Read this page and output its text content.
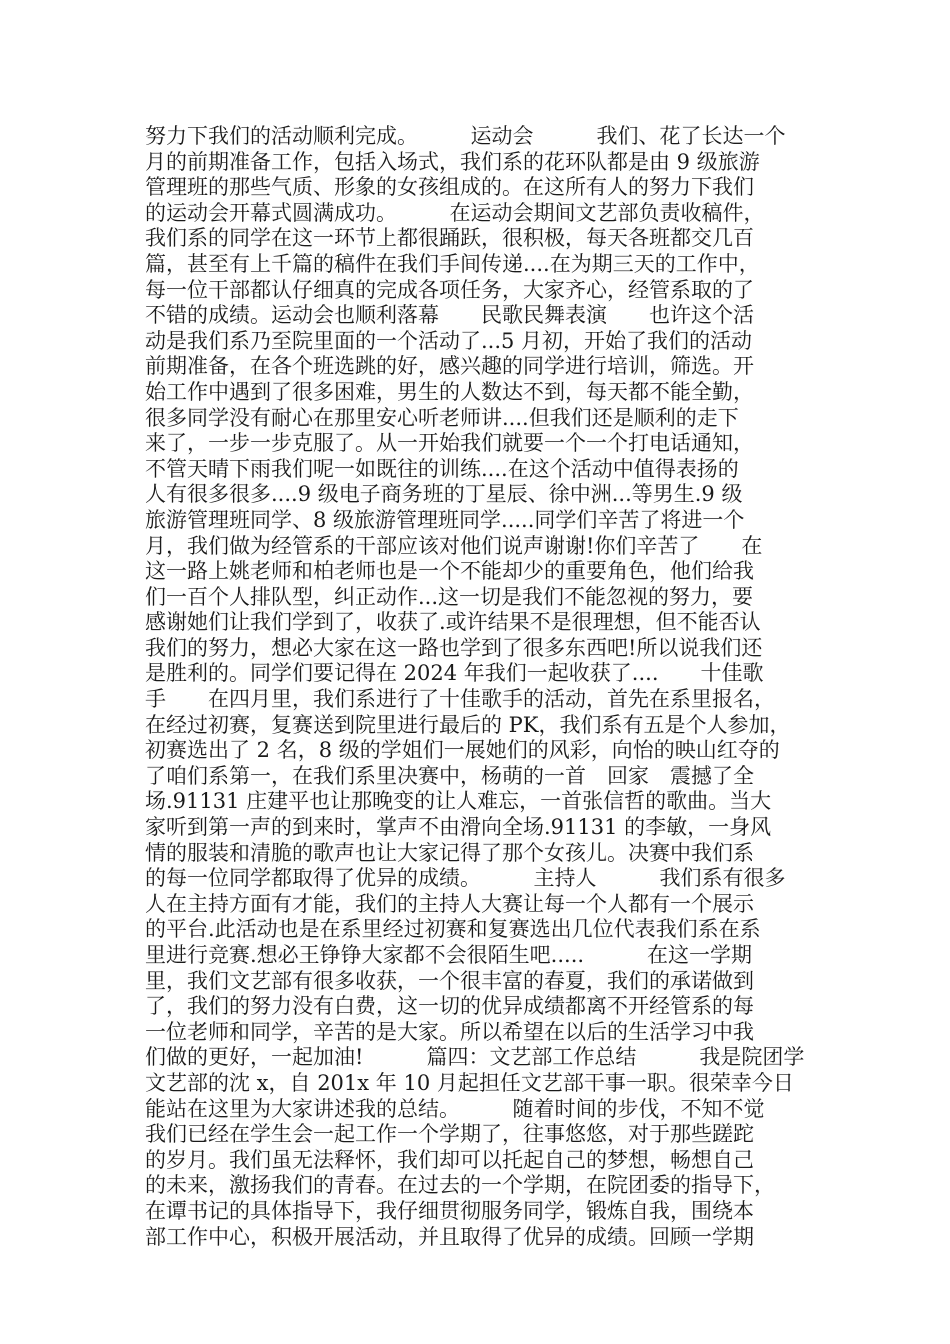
努力下我们的活动顺利完成。　　　运动会　　　我们、花了长达一个
月的前期准备工作，包括入场式，我们系的花环队都是由 9 级旅游
管理班的那些气质、形象的女孩组成的。在这所有人的努力下我们
的运动会开幕式圆满成功。　　　在运动会期间文艺部负责收稿件，
我们系的同学在这一环节上都很踊跃，很积极，每天各班都交几百
篇，甚至有上千篇的稿件在我们手间传递....在为期三天的工作中，
每一位干部都认仔细真的完成各项任务，大家齐心，经管系取的了
不错的成绩。运动会也顺利落幕　　民歌民舞表演　　也许这个活
动是我们系乃至院里面的一个活动了...5 月初，开始了我们的活动
前期准备，在各个班选跳的好，感兴趣的同学进行培训，筛选。开
始工作中遇到了很多困难，男生的人数达不到，每天都不能全勤，
很多同学没有耐心在那里安心听老师讲....但我们还是顺利的走下
来了，一步一步克服了。从一开始我们就要一个一个打电话通知，
不管天晴下雨我们呢一如既往的训练....在这个活动中值得表扬的
人有很多很多....9 级电子商务班的丁星辰、徐中洲...等男生.9 级
旅游管理班同学、8 级旅游管理班同学.....同学们辛苦了将进一个
月，我们做为经管系的干部应该对他们说声谢谢!你们辛苦了　　在
这一路上姚老师和柏老师也是一个不能却少的重要角色，他们给我
们一百个人排队型，纠正动作...这一切是我们不能忽视的努力，要
感谢她们让我们学到了，收获了.或许结果不是很理想，但不能否认
我们的努力，想必大家在这一路也学到了很多东西吧!所以说我们还
是胜利的。同学们要记得在 2024 年我们一起收获了....　　十佳歌
手　　在四月里，我们系进行了十佳歌手的活动，首先在系里报名，
在经过初赛，复赛送到院里进行最后的 PK，我们系有五是个人参加，
初赛选出了 2 名，8 级的学姐们一展她们的风彩，向怡的映山红夺的
了咱们系第一，在我们系里决赛中，杨萌的一首　回家　震撼了全
场.91131 庄建平也让那晚变的让人难忘，一首张信哲的歌曲。当大
家听到第一声的到来时，掌声不由滑向全场.91131 的李敏，一身风
情的服装和清脆的歌声也让大家记得了那个女孩儿。决赛中我们系
的每一位同学都取得了优异的成绩。　　　主持人　　　我们系有很多
人在主持方面有才能，我们的主持人大赛让每一个人都有一个展示
的平台.此活动也是在系里经过初赛和复赛选出几位代表我们系在系
里进行竞赛.想必王铮铮大家都不会很陌生吧.....　　　在这一学期
里，我们文艺部有很多收获，一个很丰富的春夏，我们的承诺做到
了，我们的努力没有白费，这一切的优异成绩都离不开经管系的每
一位老师和同学，辛苦的是大家。所以希望在以后的生活学习中我
们做的更好，一起加油!　　　篇四：文艺部工作总结　　　我是院团学
文艺部的沈 x，自 201x 年 10 月起担任文艺部干事一职。很荣幸今日
能站在这里为大家讲述我的总结。　　　随着时间的步伐，不知不觉
我们已经在学生会一起工作一个学期了，往事悠悠，对于那些蹉跎
的岁月。我们虽无法释怀，我们却可以托起自己的梦想，畅想自己
的未来，激扬我们的青春。在过去的一个学期，在院团委的指导下，
在谭书记的具体指导下，我仔细贯彻服务同学，锻炼自我，围绕本
部工作中心，积极开展活动，并且取得了优异的成绩。回顾一学期
